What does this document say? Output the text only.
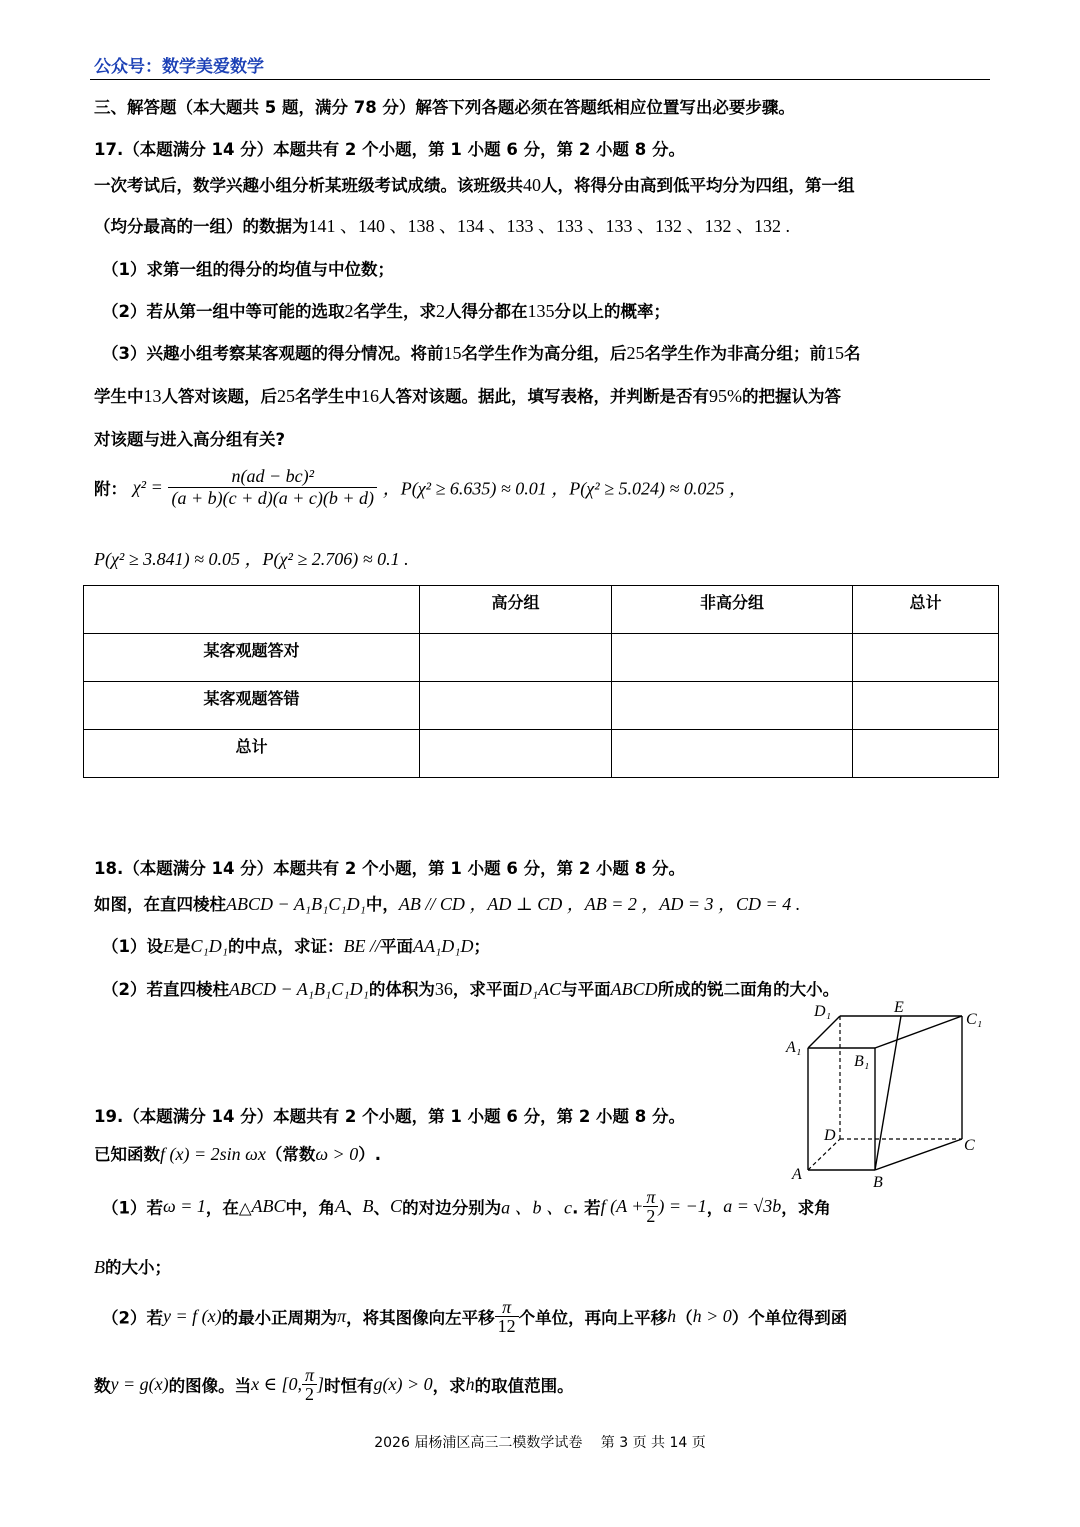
公众号：数学美爱数学
三、解答题（本大题共 5 题，满分 78 分）解答下列各题必须在答题纸相应位置写出必要步骤。
17.（本题满分 14 分）本题共有 2 个小题，第 1 小题 6 分，第 2 小题 8 分。
一次考试后，数学兴趣小组分析某班级考试成绩。该班级共40人，将得分由高到低平均分为四组，第一组
（均分最高的一组）的数据为141 、140 、138 、134 、133 、133 、133 、132 、132 、132 .
（1）求第一组的得分的均值与中位数；
（2）若从第一组中等可能的选取2名学生，求2人得分都在135分以上的概率；
（3）兴趣小组考察某客观题的得分情况。将前15名学生作为高分组，后25名学生作为非高分组；前15名
学生中13人答对该题，后25名学生中16人答对该题。据此，填写表格，并判断是否有95%的把握认为答
对该题与进入高分组有关?
附： $\chi^2 = \frac{\text{n(ad − bc)²}}{(a + b)(c + d)(a + c)(b + d)}$ ，P(χ² ≥ 6.635) ≈ 0.01 ，P(χ² ≥ 5.024) ≈ 0.025 ，
P(χ² ≥ 3.841) ≈ 0.05 ，P(χ² ≥ 2.706) ≈ 0.1 .
	高分组	非高分组	总计
某客观题答对			
某客观题答错			
总计			
18.（本题满分 14 分）本题共有 2 个小题，第 1 小题 6 分，第 2 小题 8 分。
如图，在直四棱柱ABCD − A₁B₁C₁D₁中，AB // CD ，AD ⊥ CD ，AB = 2 ，AD = 3 ，CD = 4 .
（1）设E是C₁D₁的中点，求证：BE //平面AA₁D₁D；
（2）若直四棱柱ABCD − A₁B₁C₁D₁的体积为36，求平面D₁AC与平面ABCD所成的锐二面角的大小。
D₁	E
C₁
A₁
B₁
D
C
A	B
19.（本题满分 14 分）本题共有 2 个小题，第 1 小题 6 分，第 2 小题 8 分。
已知函数f (x) = 2sin ωx（常数ω > 0）.
（1）若ω = 1，在△ABC中，角A、B、C的对边分别为a 、b 、c. 若f ($A + \frac{\pi}{2}$ ) = −1，a = √3b，求角
B的大小；
（2）若y = f (x)的最小正周期为π，将其图像向左平移 $\frac{\pi}{12}$ 个单位，再向上平移h（h > 0）个单位得到函
数y = g(x)的图像。当x ∈ [0, $\frac{\pi}{2}$ ]时恒有g(x) > 0，求h的取值范围。
2026 届杨浦区高三二模数学试卷　 第 3 页 共 14 页
